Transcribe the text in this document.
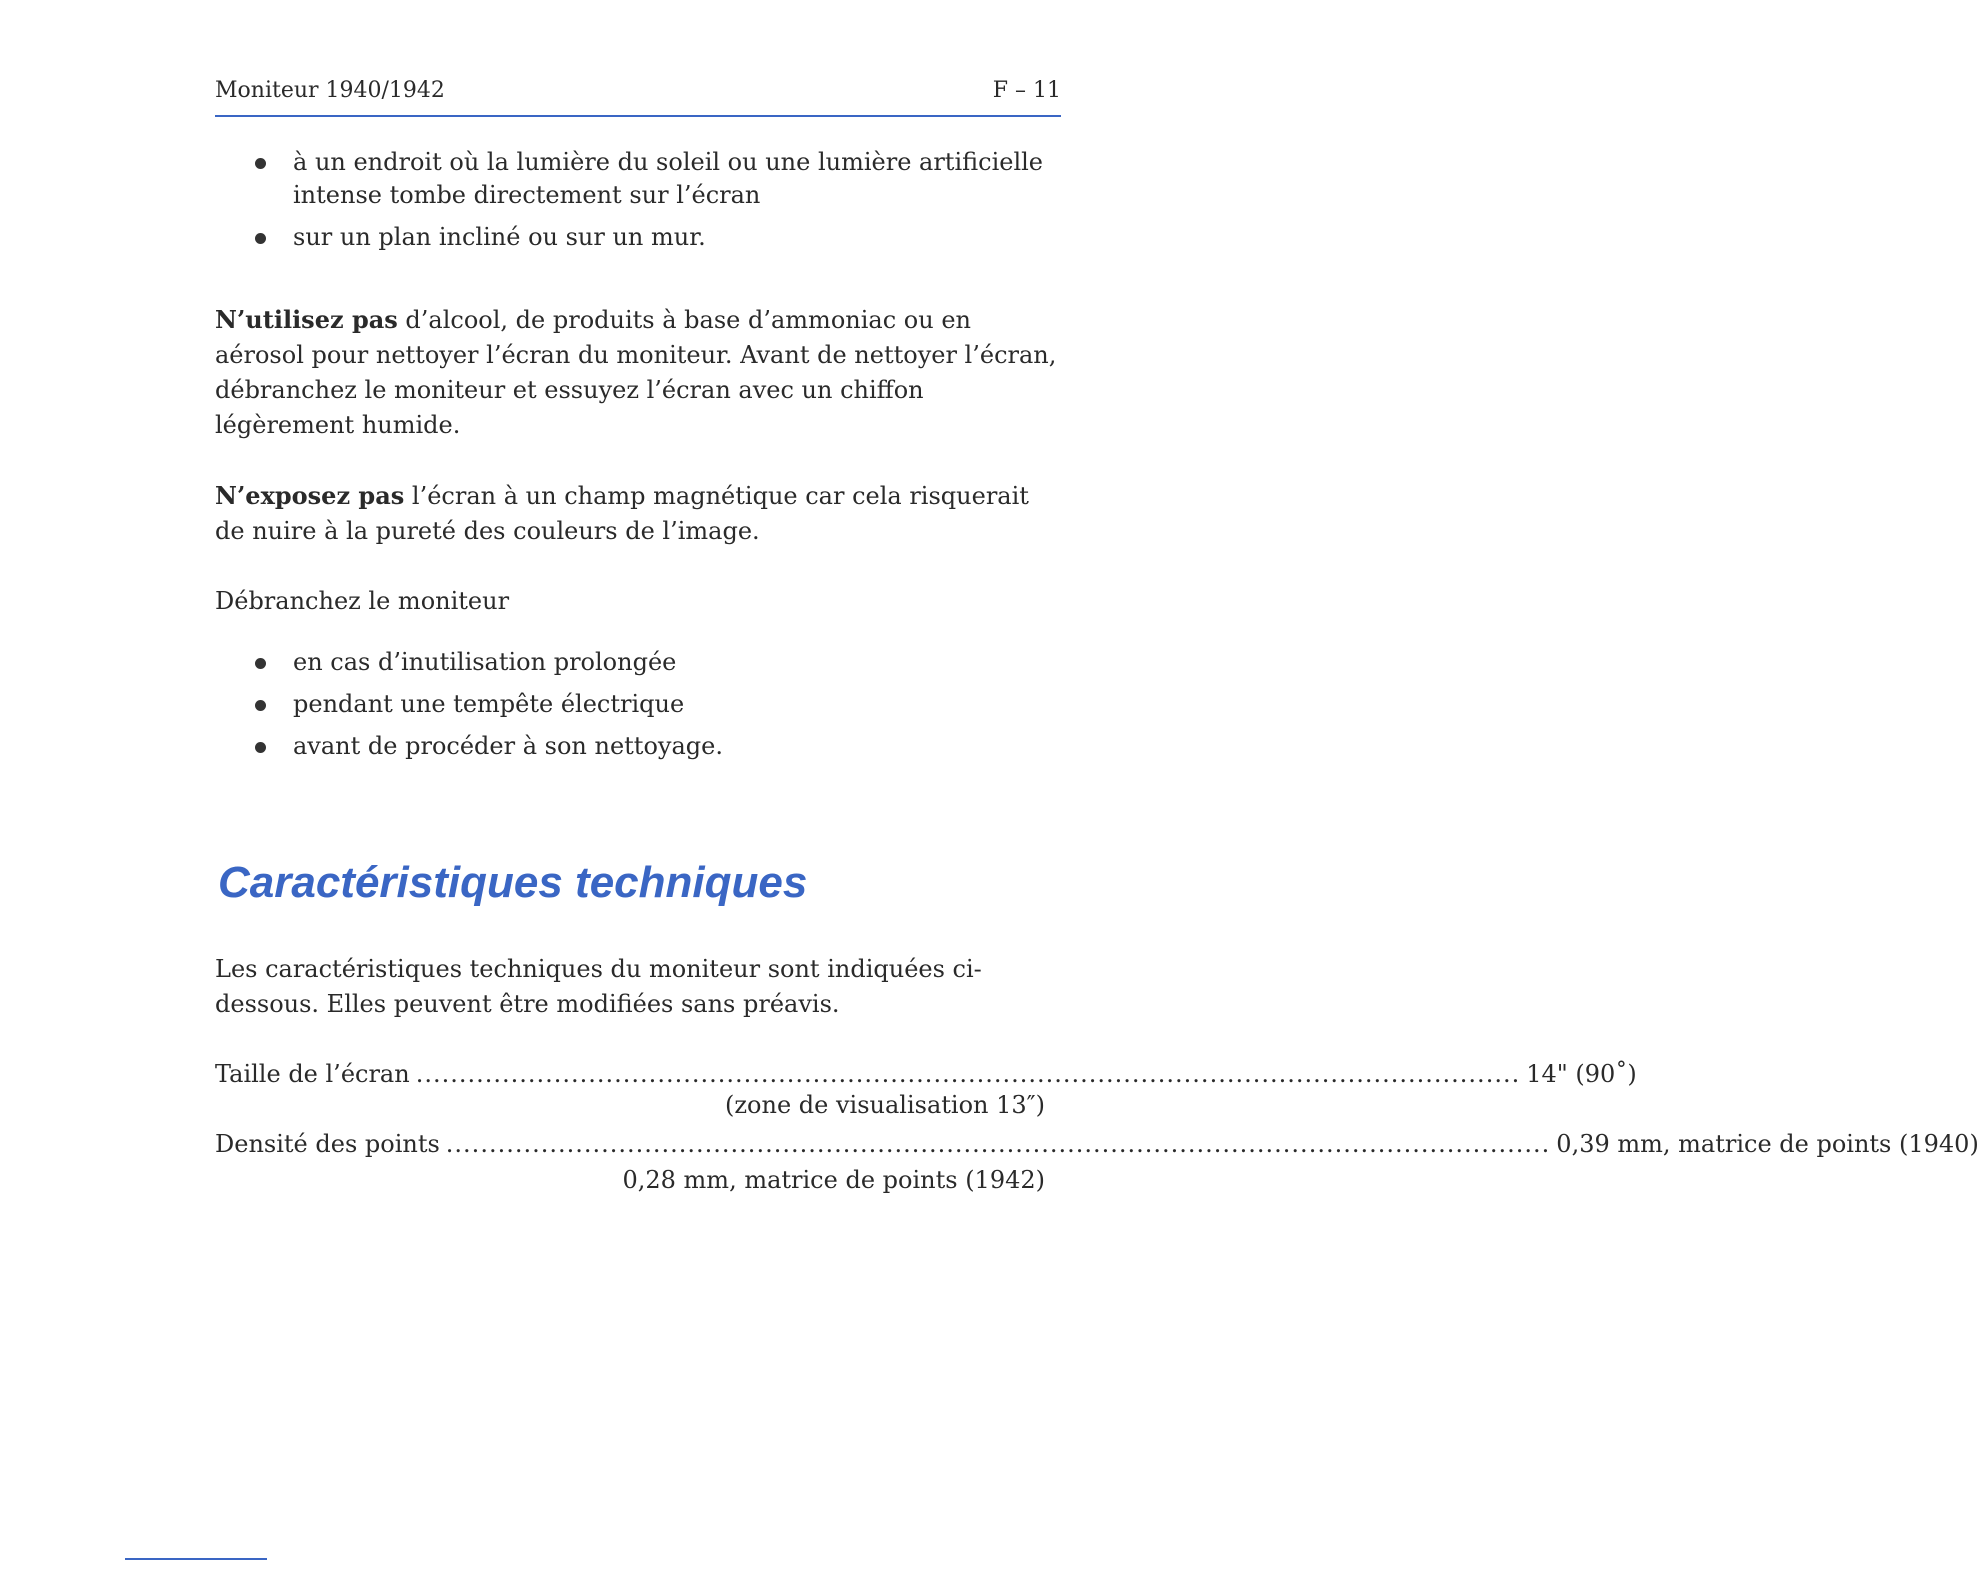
Moniteur 1940/1942	F – 11
à un endroit où la lumière du soleil ou une lumière artificielle intense tombe directement sur l’écran
sur un plan incliné ou sur un mur.

N’utilisez pas d’alcool, de produits à base d’ammoniac ou en aérosol pour nettoyer l’écran du moniteur. Avant de nettoyer l’écran, débranchez le moniteur et essuyez l’écran avec un chiffon légèrement humide.

N’exposez pas l’écran à un champ magnétique car cela risquerait de nuire à la pureté des couleurs de l’image.

Débranchez le moniteur

en cas d’inutilisation prolongée
pendant une tempête électrique
avant de procéder à son nettoyage.
Caractéristiques techniques

Les caractéristiques techniques du moniteur sont indiquées ci-dessous. Elles peuvent être modifiées sans préavis.

Taille de l’écran ................................................................................................................................ 14" (90˚)
(zone de visualisation 13″)
Densité des points ................................................................................................................................ 0,39 mm, matrice de points (1940)
0,28 mm, matrice de points (1942)
